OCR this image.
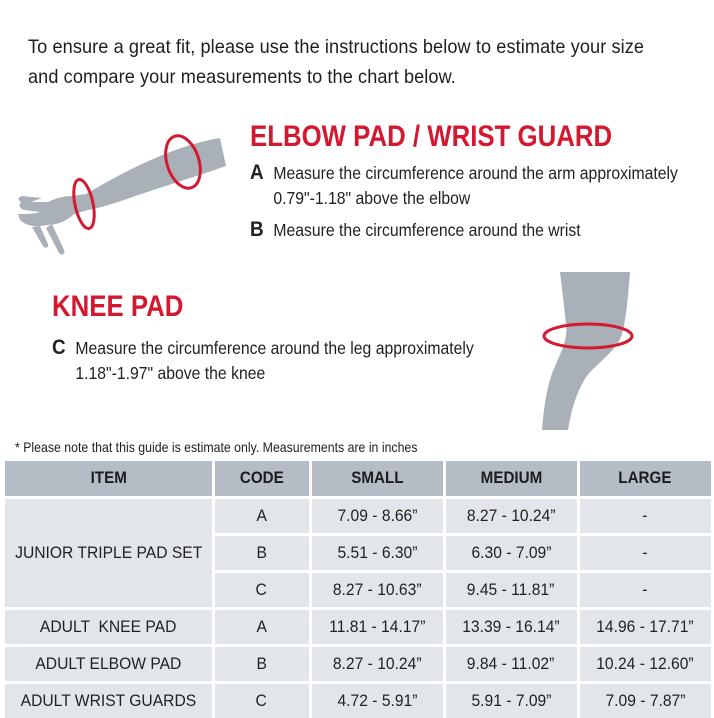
To ensure a great fit, please use the instructions below to estimate your size
and compare your measurements to the chart below.
ELBOW PAD / WRIST GUARD
A Measure the circumference around the arm approximately
0.79"-1.18" above the elbow
B Measure the circumference around the wrist
KNEE PAD
C Measure the circumference around the leg approximately
1.18"-1.97" above the knee
* Please note that this guide is estimate only. Measurements are in inches
ITEM	CODE	SMALL	MEDIUM	LARGE
JUNIOR TRIPLE PAD SET	A	7.09 - 8.66”	8.27 - 10.24”	-
	B	5.51 - 6.30”	6.30 - 7.09”	-
	C	8.27 - 10.63”	9.45 - 11.81”	-
ADULT  KNEE PAD	A	11.81 - 14.17”	13.39 - 16.14”	14.96 - 17.71”
ADULT ELBOW PAD	B	8.27 - 10.24”	9.84 - 11.02”	10.24 - 12.60”
ADULT WRIST GUARDS	C	4.72 - 5.91”	5.91 - 7.09”	7.09 - 7.87”
